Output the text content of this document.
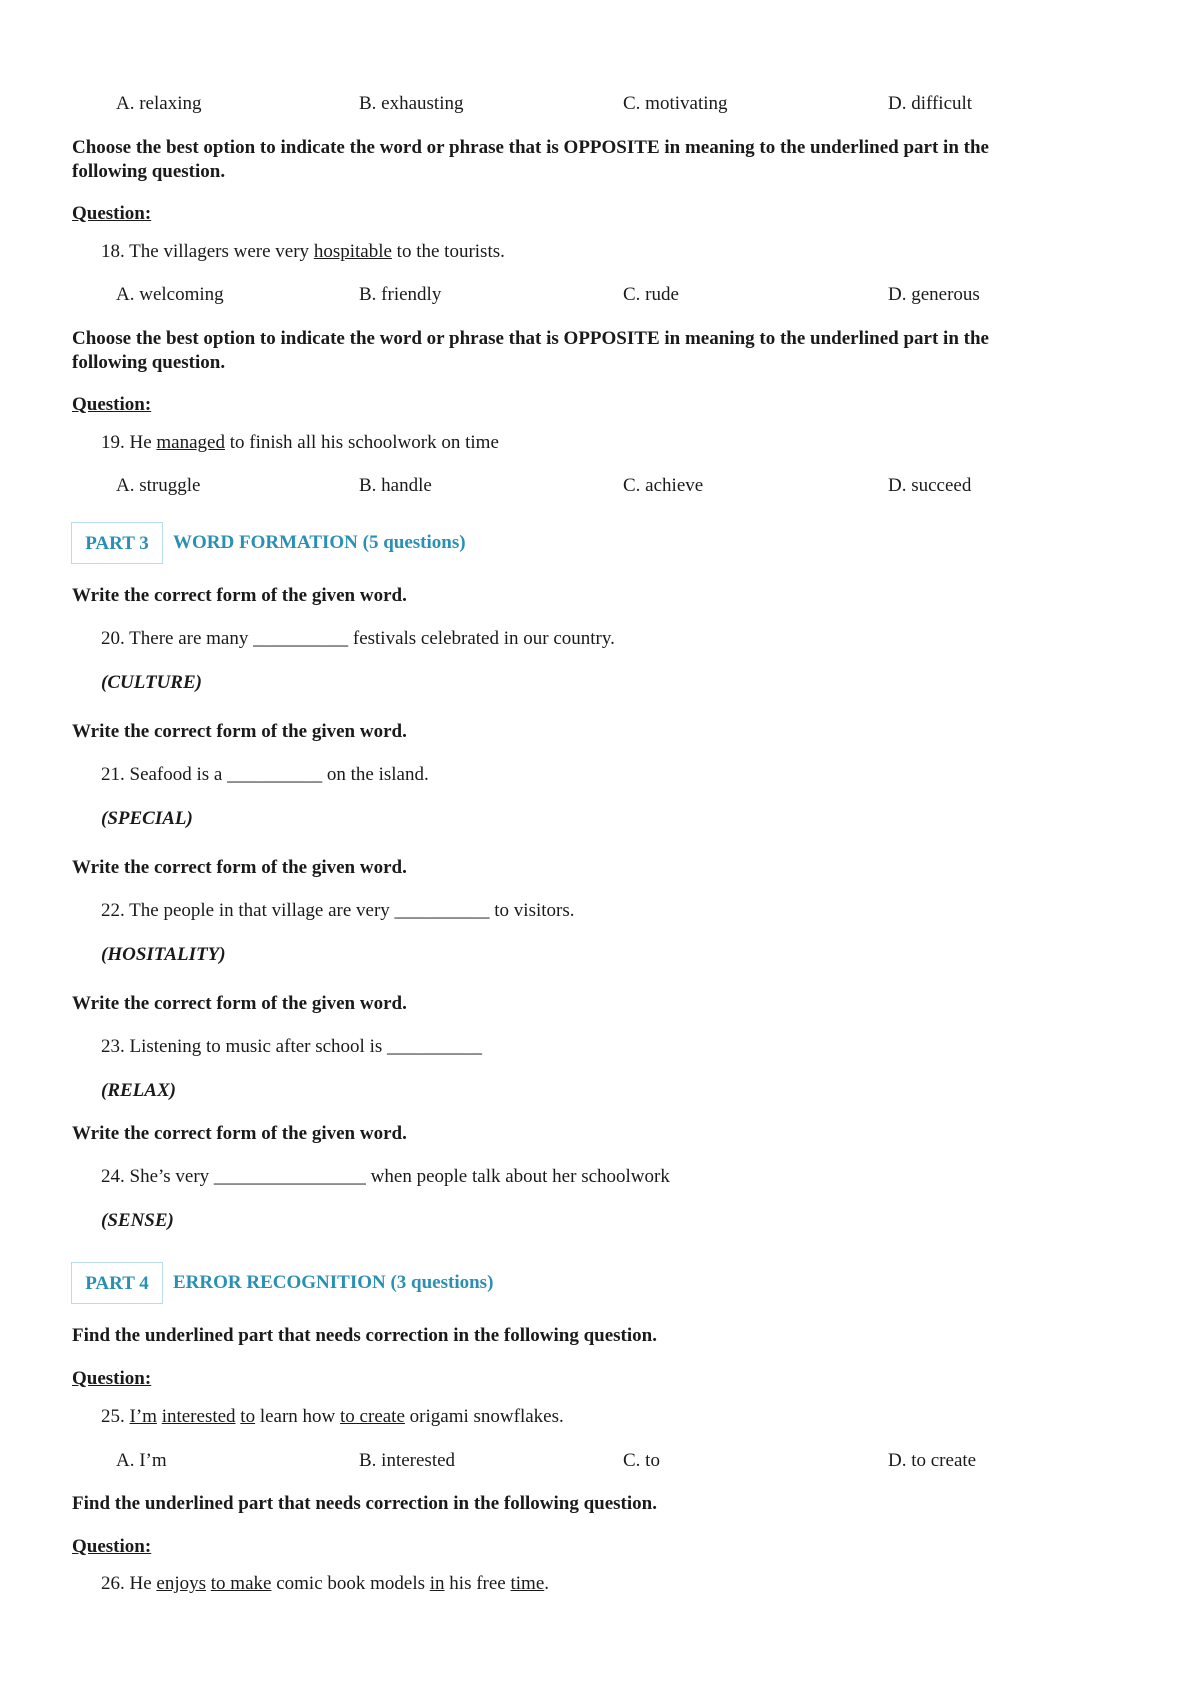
A. relaxing	B. exhausting	C. motivating	D. difficult
Choose the best option to indicate the word or phrase that is OPPOSITE in meaning to the underlined part in the following question.
Question:
18. The villagers were very hospitable to the tourists.
A. welcoming	B. friendly	C. rude	D. generous
Choose the best option to indicate the word or phrase that is OPPOSITE in meaning to the underlined part in the following question.
Question:
19. He managed to finish all his schoolwork on time
A. struggle	B. handle	C. achieve	D. succeed
PART 3	WORD FORMATION (5 questions)
Write the correct form of the given word.
20. There are many __________ festivals celebrated in our country.
(CULTURE)
Write the correct form of the given word.
21. Seafood is a __________ on the island.
(SPECIAL)
Write the correct form of the given word.
22. The people in that village are very __________ to visitors.
(HOSITALITY)
Write the correct form of the given word.
23. Listening to music after school is __________
(RELAX)
Write the correct form of the given word.
24. She’s very ________________ when people talk about her schoolwork
(SENSE)
PART 4	ERROR RECOGNITION (3 questions)
Find the underlined part that needs correction in the following question.
Question:
25. I’m interested to learn how to create origami snowflakes.
A. I’m	B. interested	C. to	D. to create
Find the underlined part that needs correction in the following question.
Question:
26. He enjoys to make comic book models in his free time.
